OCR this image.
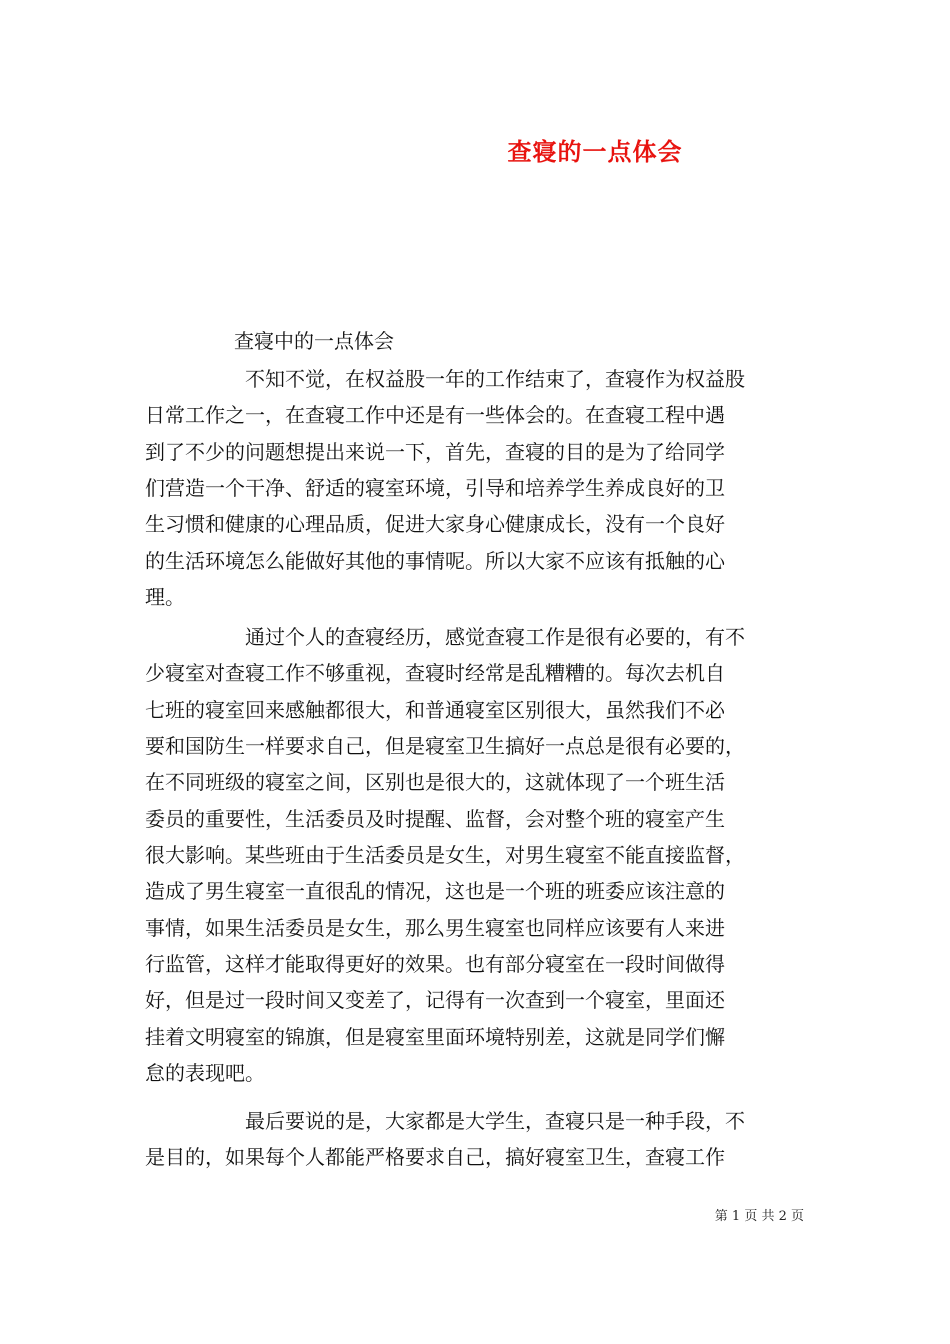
查寝的一点体会
查寝中的一点体会
不知不觉，在权益股一年的工作结束了，查寝作为权益股
日常工作之一，在查寝工作中还是有一些体会的。在查寝工程中遇
到了不少的问题想提出来说一下，首先，查寝的目的是为了给同学
们营造一个干净、舒适的寝室环境，引导和培养学生养成良好的卫
生习惯和健康的心理品质，促进大家身心健康成长，没有一个良好
的生活环境怎么能做好其他的事情呢。所以大家不应该有抵触的心
理。
通过个人的查寝经历，感觉查寝工作是很有必要的，有不
少寝室对查寝工作不够重视，查寝时经常是乱糟糟的。每次去机自
七班的寝室回来感触都很大，和普通寝室区别很大，虽然我们不必
要和国防生一样要求自己，但是寝室卫生搞好一点总是很有必要的，
在不同班级的寝室之间，区别也是很大的，这就体现了一个班生活
委员的重要性，生活委员及时提醒、监督，会对整个班的寝室产生
很大影响。某些班由于生活委员是女生，对男生寝室不能直接监督，
造成了男生寝室一直很乱的情况，这也是一个班的班委应该注意的
事情，如果生活委员是女生，那么男生寝室也同样应该要有人来进
行监管，这样才能取得更好的效果。也有部分寝室在一段时间做得
好，但是过一段时间又变差了，记得有一次查到一个寝室，里面还
挂着文明寝室的锦旗，但是寝室里面环境特别差，这就是同学们懈
怠的表现吧。
最后要说的是，大家都是大学生，查寝只是一种手段，不
是目的，如果每个人都能严格要求自己，搞好寝室卫生，查寝工作
第 1 页 共 2 页
